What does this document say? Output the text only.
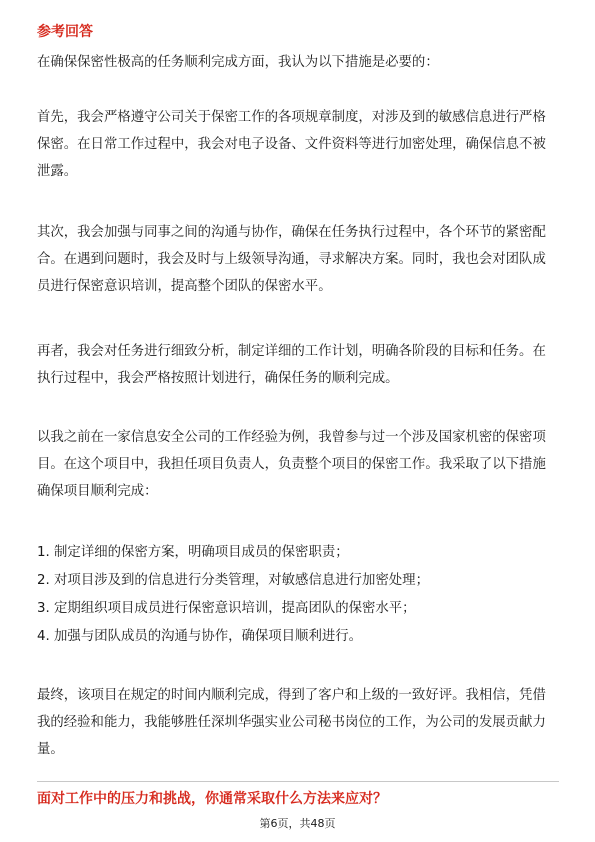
参考回答

在确保保密性极高的任务顺利完成方面，我认为以下措施是必要的：

首先，我会严格遵守公司关于保密工作的各项规章制度，对涉及到的敏感信息进行严格保密。在日常工作过程中，我会对电子设备、文件资料等进行加密处理，确保信息不被泄露。

其次，我会加强与同事之间的沟通与协作，确保在任务执行过程中，各个环节的紧密配合。在遇到问题时，我会及时与上级领导沟通，寻求解决方案。同时，我也会对团队成员进行保密意识培训，提高整个团队的保密水平。

再者，我会对任务进行细致分析，制定详细的工作计划，明确各阶段的目标和任务。在执行过程中，我会严格按照计划进行，确保任务的顺利完成。

以我之前在一家信息安全公司的工作经验为例，我曾参与过一个涉及国家机密的保密项目。在这个项目中，我担任项目负责人，负责整个项目的保密工作。我采取了以下措施确保项目顺利完成：

1. 制定详细的保密方案，明确项目成员的保密职责；

2. 对项目涉及到的信息进行分类管理，对敏感信息进行加密处理；

3. 定期组织项目成员进行保密意识培训，提高团队的保密水平；

4. 加强与团队成员的沟通与协作，确保项目顺利进行。

最终，该项目在规定的时间内顺利完成，得到了客户和上级的一致好评。我相信，凭借我的经验和能力，我能够胜任深圳华强实业公司秘书岗位的工作，为公司的发展贡献力量。

面对工作中的压力和挑战，你通常采取什么方法来应对？
第6页，共48页
